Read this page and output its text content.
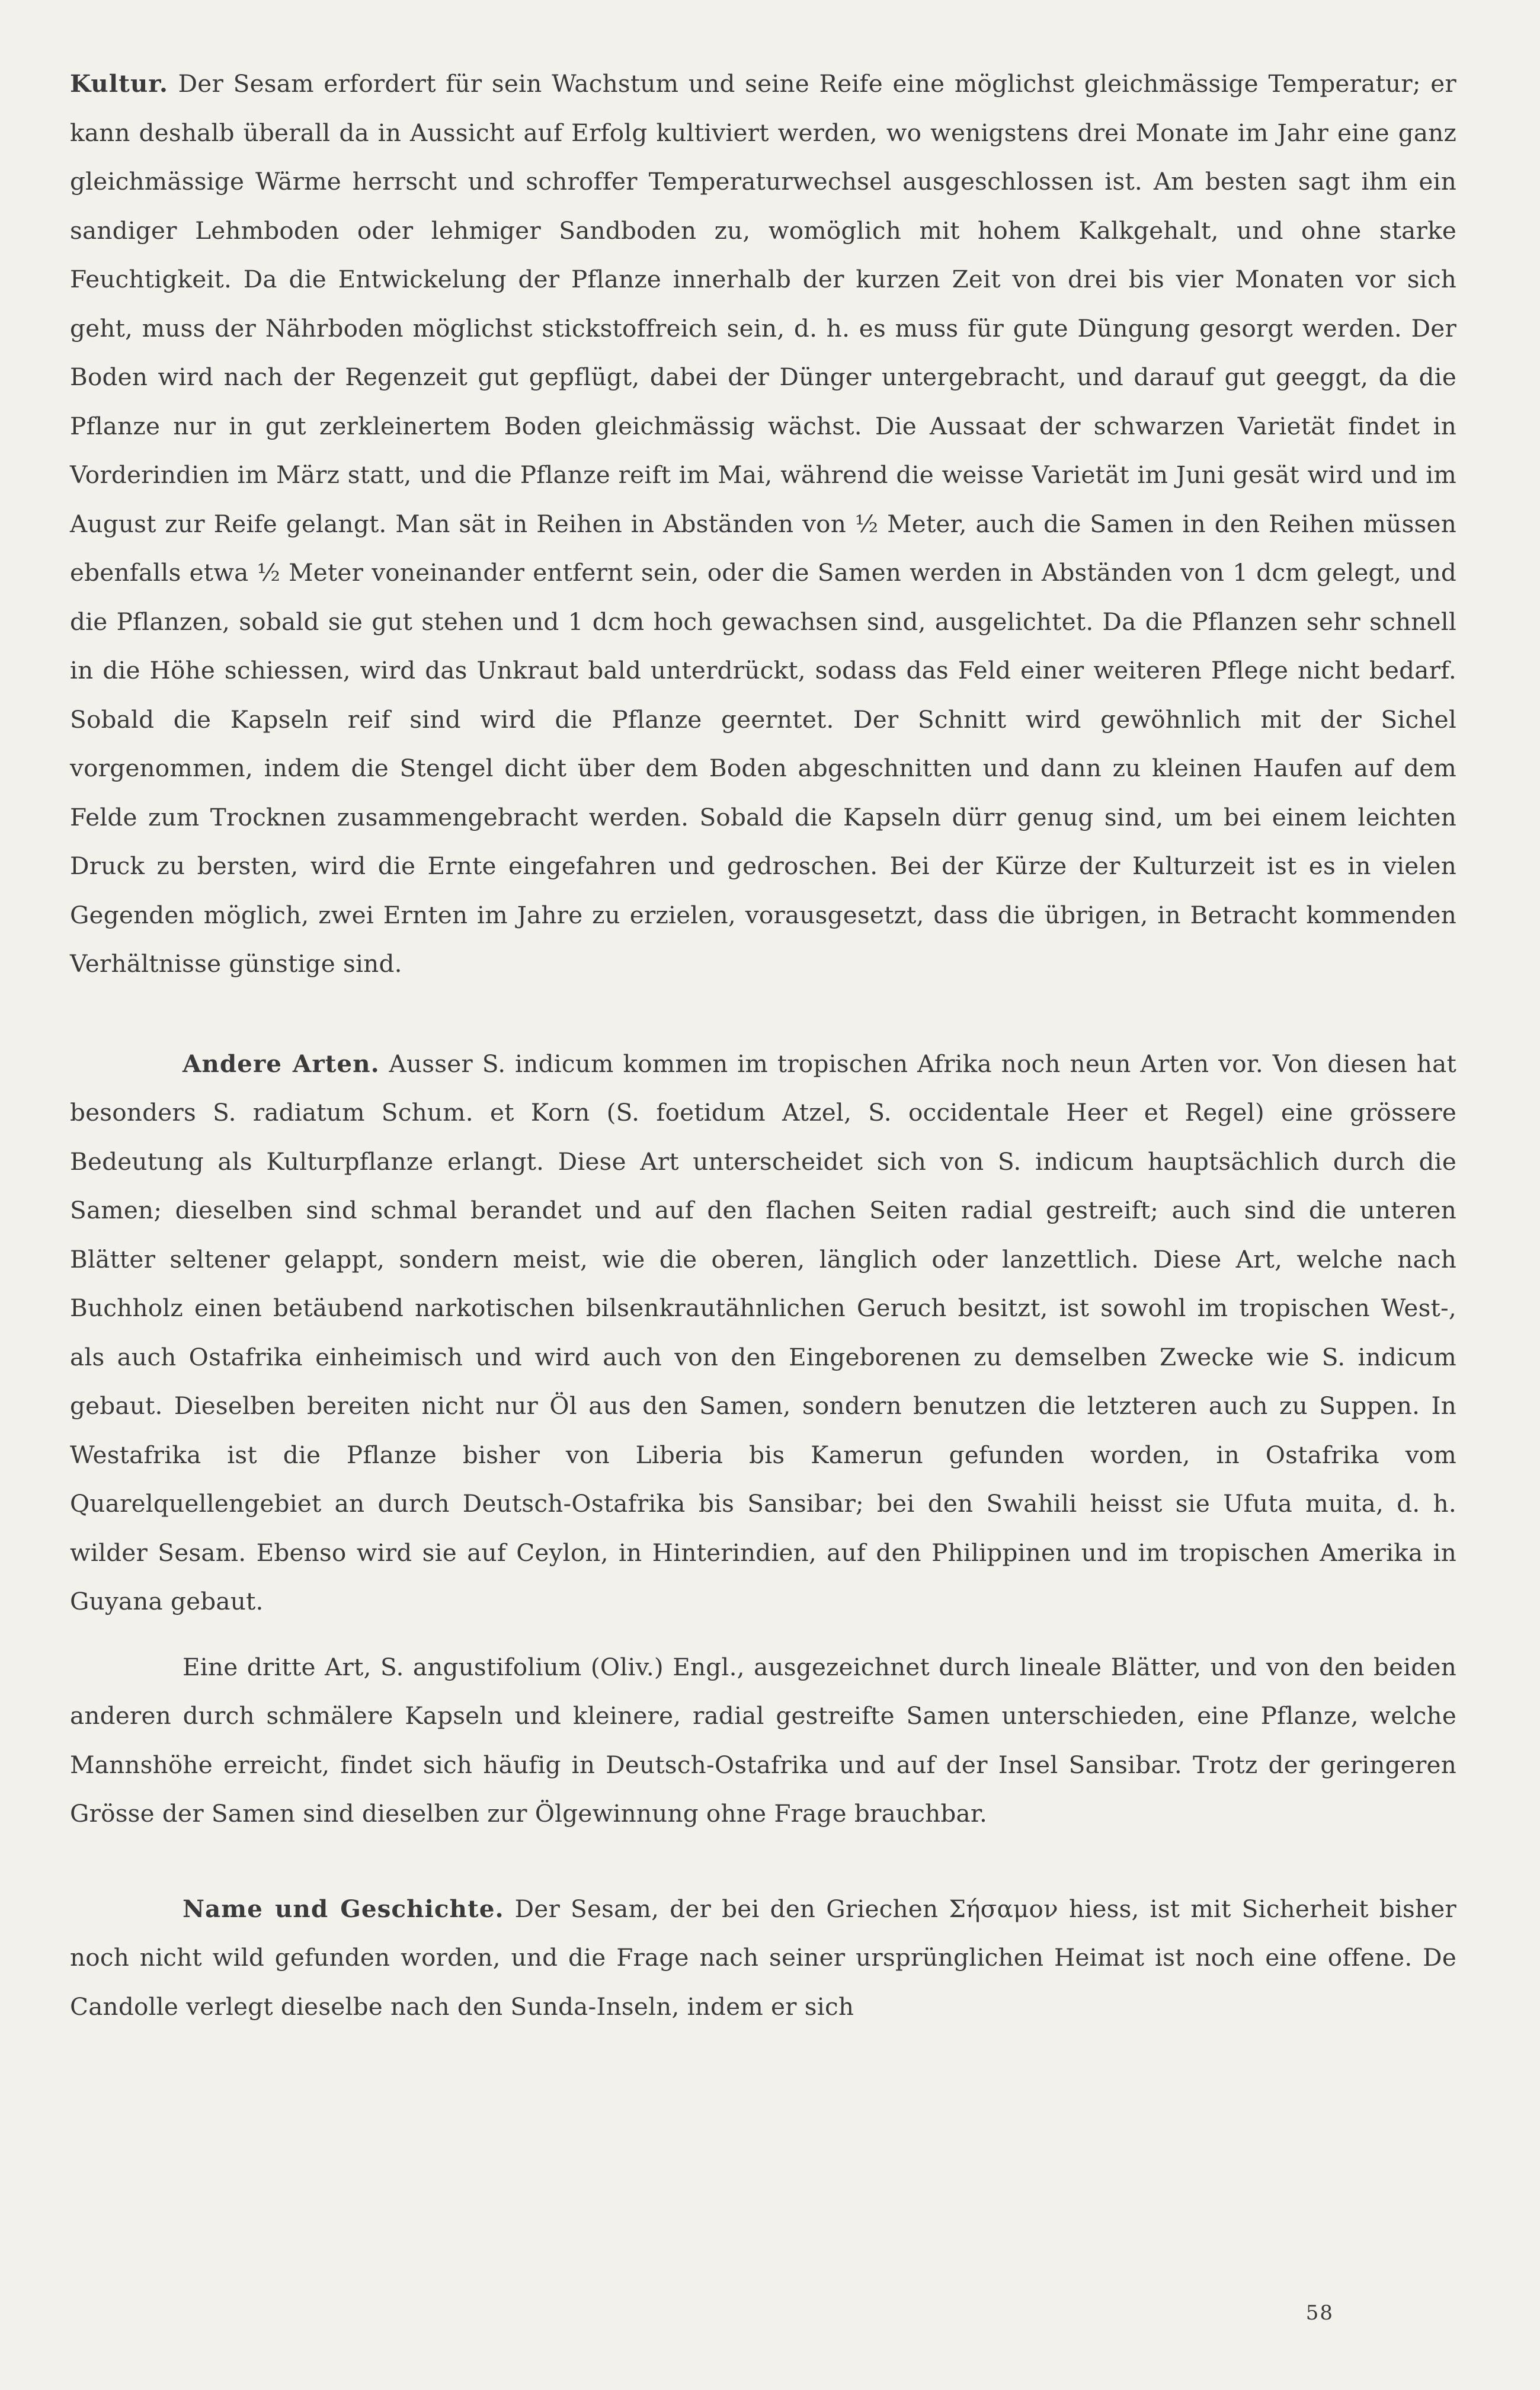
Kultur. Der Sesam erfordert für sein Wachstum und seine Reife eine möglichst gleichmässige Temperatur; er kann deshalb überall da in Aussicht auf Erfolg kultiviert werden, wo wenigstens drei Monate im Jahr eine ganz gleichmässige Wärme herrscht und schroffer Temperaturwechsel ausgeschlossen ist. Am besten sagt ihm ein sandiger Lehmboden oder lehmiger Sandboden zu, womöglich mit hohem Kalkgehalt, und ohne starke Feuchtigkeit. Da die Entwickelung der Pflanze innerhalb der kurzen Zeit von drei bis vier Monaten vor sich geht, muss der Nährboden möglichst stickstoffreich sein, d. h. es muss für gute Düngung gesorgt werden. Der Boden wird nach der Regenzeit gut gepflügt, dabei der Dünger untergebracht, und darauf gut geeggt, da die Pflanze nur in gut zerkleinertem Boden gleichmässig wächst. Die Aussaat der schwarzen Varietät findet in Vorderindien im März statt, und die Pflanze reift im Mai, während die weisse Varietät im Juni gesät wird und im August zur Reife gelangt. Man sät in Reihen in Abständen von ½ Meter, auch die Samen in den Reihen müssen ebenfalls etwa ½ Meter voneinander entfernt sein, oder die Samen werden in Abständen von 1 dcm gelegt, und die Pflanzen, sobald sie gut stehen und 1 dcm hoch gewachsen sind, ausgelichtet. Da die Pflanzen sehr schnell in die Höhe schiessen, wird das Unkraut bald unterdrückt, sodass das Feld einer weiteren Pflege nicht bedarf. Sobald die Kapseln reif sind wird die Pflanze geerntet. Der Schnitt wird gewöhnlich mit der Sichel vorgenommen, indem die Stengel dicht über dem Boden abgeschnitten und dann zu kleinen Haufen auf dem Felde zum Trocknen zusammengebracht werden. Sobald die Kapseln dürr genug sind, um bei einem leichten Druck zu bersten, wird die Ernte eingefahren und gedroschen. Bei der Kürze der Kulturzeit ist es in vielen Gegenden möglich, zwei Ernten im Jahre zu erzielen, vorausgesetzt, dass die übrigen, in Betracht kommenden Verhältnisse günstige sind.

Andere Arten. Ausser S. indicum kommen im tropischen Afrika noch neun Arten vor. Von diesen hat besonders S. radiatum Schum. et Korn (S. foetidum Atzel, S. occidentale Heer et Regel) eine grössere Bedeutung als Kulturpflanze erlangt. Diese Art unterscheidet sich von S. indicum hauptsächlich durch die Samen; dieselben sind schmal berandet und auf den flachen Seiten radial gestreift; auch sind die unteren Blätter seltener gelappt, sondern meist, wie die oberen, länglich oder lanzettlich. Diese Art, welche nach Buchholz einen betäubend narkotischen bilsenkrautähnlichen Geruch besitzt, ist sowohl im tropischen West-, als auch Ostafrika einheimisch und wird auch von den Eingeborenen zu demselben Zwecke wie S. indicum gebaut. Dieselben bereiten nicht nur Öl aus den Samen, sondern benutzen die letzteren auch zu Suppen. In Westafrika ist die Pflanze bisher von Liberia bis Kamerun gefunden worden, in Ostafrika vom Quarelquellengebiet an durch Deutsch-Ostafrika bis Sansibar; bei den Swahili heisst sie Ufuta muita, d. h. wilder Sesam. Ebenso wird sie auf Ceylon, in Hinterindien, auf den Philippinen und im tropischen Amerika in Guyana gebaut.

Eine dritte Art, S. angustifolium (Oliv.) Engl., ausgezeichnet durch lineale Blätter, und von den beiden anderen durch schmälere Kapseln und kleinere, radial gestreifte Samen unterschieden, eine Pflanze, welche Mannshöhe erreicht, findet sich häufig in Deutsch-Ostafrika und auf der Insel Sansibar. Trotz der geringeren Grösse der Samen sind dieselben zur Ölgewinnung ohne Frage brauchbar.

Name und Geschichte. Der Sesam, der bei den Griechen Σήσαμον hiess, ist mit Sicherheit bisher noch nicht wild gefunden worden, und die Frage nach seiner ursprünglichen Heimat ist noch eine offene. De Candolle verlegt dieselbe nach den Sunda-Inseln, indem er sich

58
